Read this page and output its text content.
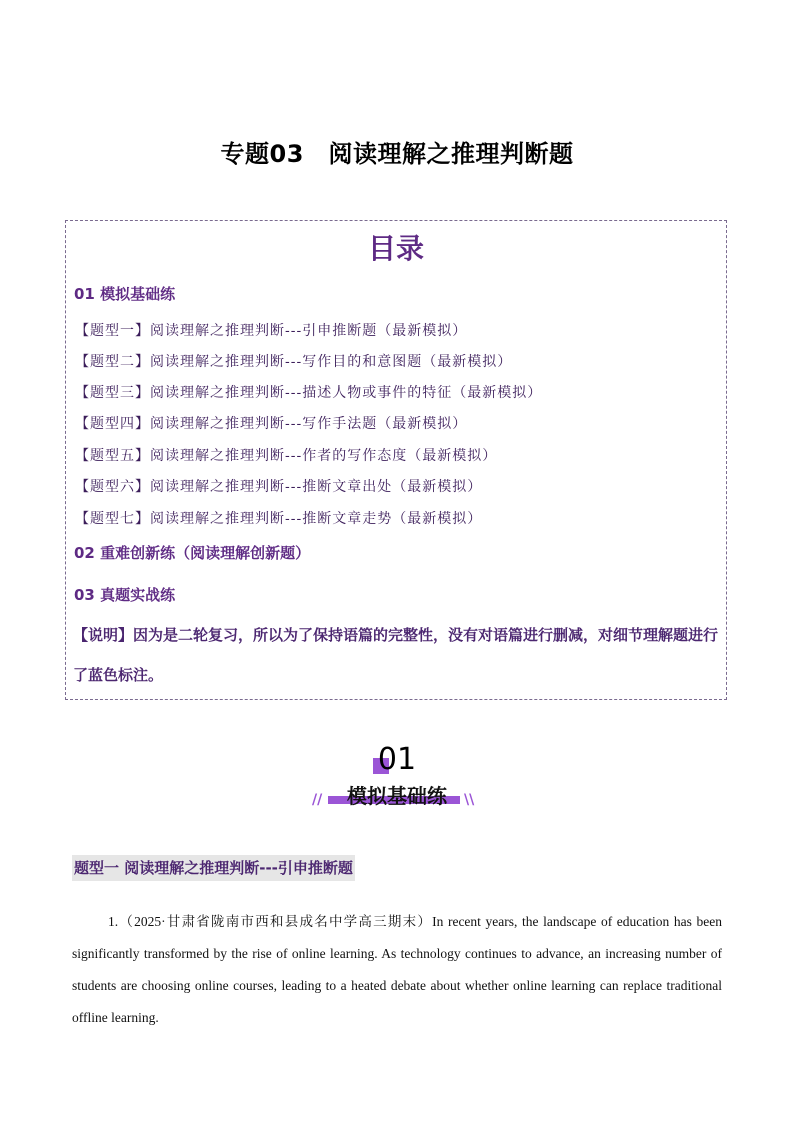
专题03　阅读理解之推理判断题
目录
01 模拟基础练
【题型一】阅读理解之推理判断---引申推断题（最新模拟）
【题型二】阅读理解之推理判断---写作目的和意图题（最新模拟）
【题型三】阅读理解之推理判断---描述人物或事件的特征（最新模拟）
【题型四】阅读理解之推理判断---写作手法题（最新模拟）
【题型五】阅读理解之推理判断---作者的写作态度（最新模拟）
【题型六】阅读理解之推理判断---推断文章出处（最新模拟）
【题型七】阅读理解之推理判断---推断文章走势（最新模拟）
02 重难创新练（阅读理解创新题）
03 真题实战练
【说明】因为是二轮复习，所以为了保持语篇的完整性，没有对语篇进行删减，对细节理解题进行了蓝色标注。
01
//	模拟基础练	\\
题型一 阅读理解之推理判断---引申推断题
1.（2025·甘肃省陇南市西和县成名中学高三期末）In recent years, the landscape of education has been significantly transformed by the rise of online learning. As technology continues to advance, an increasing number of students are choosing online courses, leading to a heated debate about whether online learning can replace traditional offline learning.
